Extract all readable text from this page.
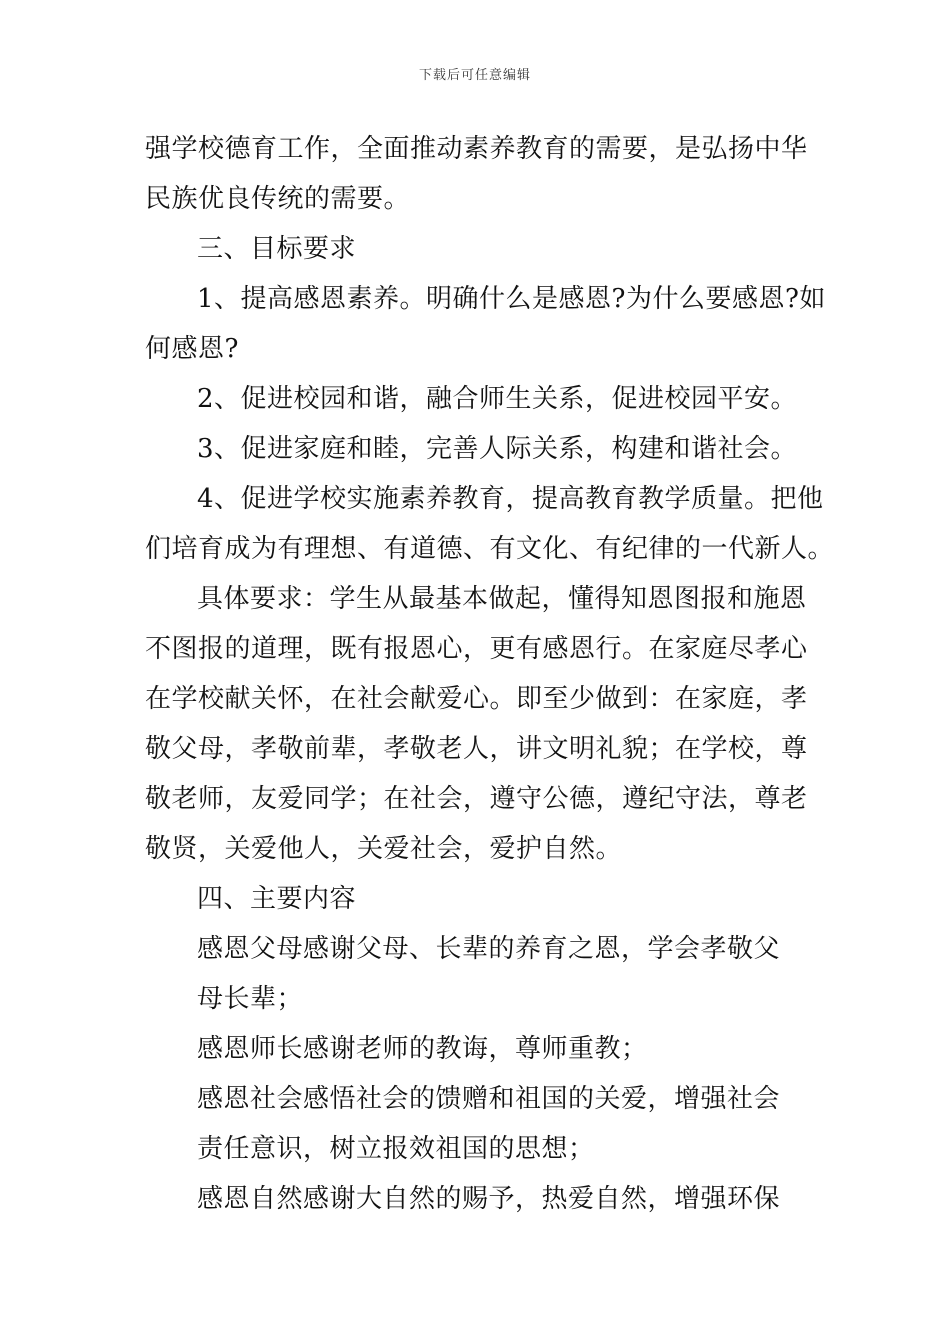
下载后可任意编辑
强学校德育工作，全面推动素养教育的需要，是弘扬中华
民族优良传统的需要。
三、目标要求
1、提高感恩素养。明确什么是感恩?为什么要感恩?如
何感恩?
2、促进校园和谐，融合师生关系，促进校园平安。
3、促进家庭和睦，完善人际关系，构建和谐社会。
4、促进学校实施素养教育，提高教育教学质量。把他
们培育成为有理想、有道德、有文化、有纪律的一代新人。
具体要求：学生从最基本做起，懂得知恩图报和施恩
不图报的道理，既有报恩心，更有感恩行。在家庭尽孝心
在学校献关怀，在社会献爱心。即至少做到：在家庭，孝
敬父母，孝敬前辈，孝敬老人，讲文明礼貌；在学校，尊
敬老师，友爱同学；在社会，遵守公德，遵纪守法，尊老
敬贤，关爱他人，关爱社会，爱护自然。
四、主要内容
感恩父母感谢父母、长辈的养育之恩，学会孝敬父
母长辈；
感恩师长感谢老师的教诲，尊师重教；
感恩社会感悟社会的馈赠和祖国的关爱，增强社会
责任意识，树立报效祖国的思想；
感恩自然感谢大自然的赐予，热爱自然，增强环保
